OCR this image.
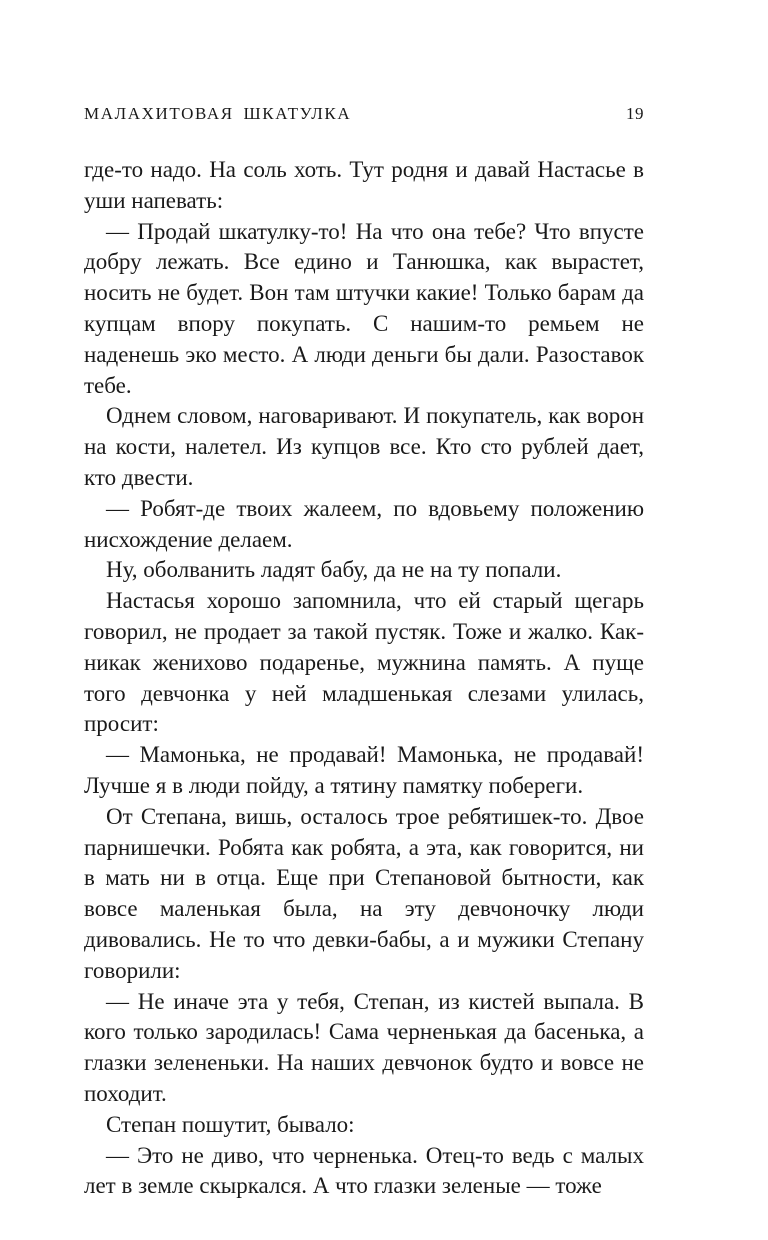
МАЛАХИТОВАЯ ШКАТУЛКА	19

где-то надо. На соль хоть. Тут родня и давай Настасье в уши напевать:

— Продай шкатулку-то! На что она тебе? Что впусте добру лежать. Все едино и Танюшка, как вырастет, носить не будет. Вон там штучки какие! Только барам да купцам впору покупать. С нашим-то ремьем не наденешь эко место. А люди деньги бы дали. Разоставок тебе.

Однем словом, наговаривают. И покупатель, как ворон на кости, налетел. Из купцов все. Кто сто рублей дает, кто двести.

— Робят-де твоих жалеем, по вдовьему положению нисхождение делаем.

Ну, оболванить ладят бабу, да не на ту попали.

Настасья хорошо запомнила, что ей старый щегарь говорил, не продает за такой пустяк. Тоже и жалко. Как-никак женихово подаренье, мужнина память. А пуще того девчонка у ней младшенькая слезами улилась, просит:

— Мамонька, не продавай! Мамонька, не продавай! Лучше я в люди пойду, а тятину памятку побереги.

От Степана, вишь, осталось трое ребятишек-то. Двое парнишечки. Робята как робята, а эта, как говорится, ни в мать ни в отца. Еще при Степановой бытности, как вовсе маленькая была, на эту девчоночку люди дивовались. Не то что девки-бабы, а и мужики Степану говорили:

— Не иначе эта у тебя, Степан, из кистей выпала. В кого только зародилась! Сама черненькая да басенька, а глазки зелененьки. На наших девчонок будто и вовсе не походит.

Степан пошутит, бывало:

— Это не диво, что черненька. Отец-то ведь с малых лет в земле скыркался. А что глазки зеленые — тоже
